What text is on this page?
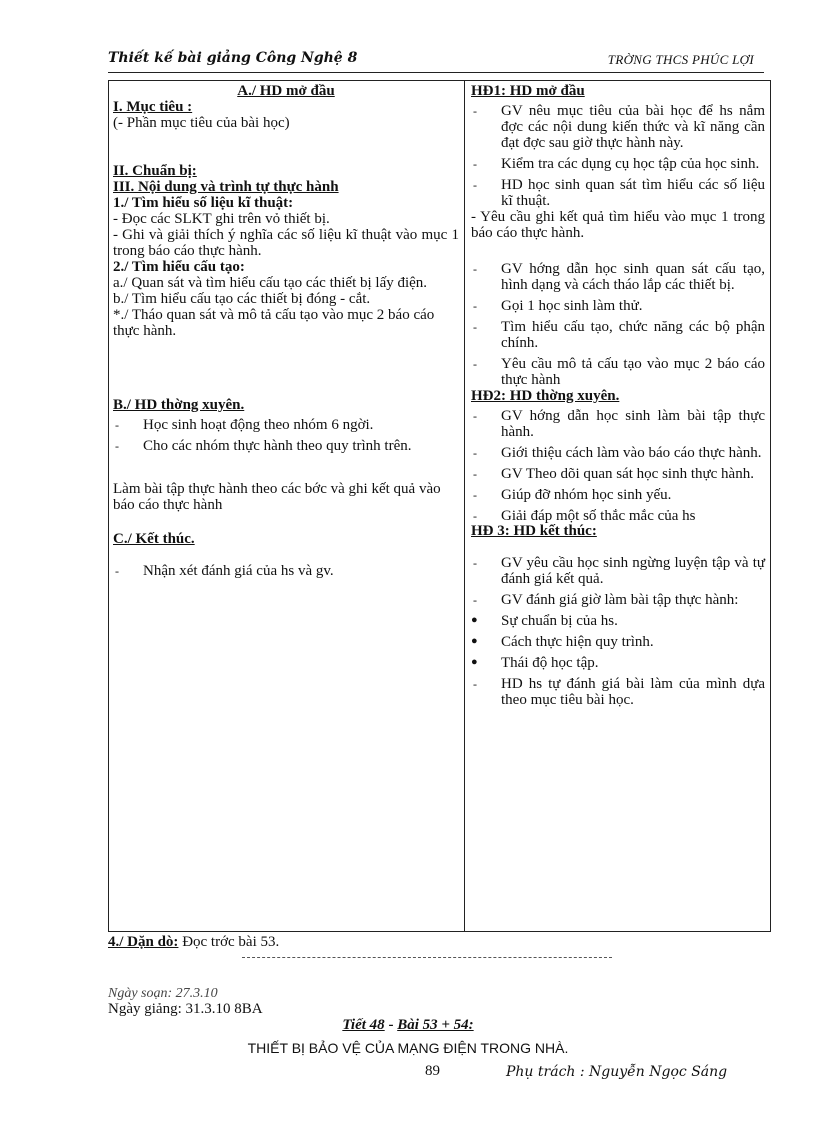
Thiết kế bài giảng Công Nghệ 8	TRỜNG THCS PHÚC LỢI

A./ HD mở đầu

I. Mục tiêu :

(- Phần mục tiêu của bài học)

II. Chuẩn bị:

III. Nội dung và trình tự thực hành

1./ Tìm hiểu số liệu kĩ thuật:

- Đọc các SLKT ghi trên vỏ thiết bị.

- Ghi và giải thích ý nghĩa các số liệu kĩ thuật vào mục 1 trong báo cáo thực hành.

2./ Tìm hiểu cấu tạo:

a./ Quan sát và tìm hiểu cấu tạo các thiết bị lấy điện.

b./ Tìm hiểu cấu tạo các thiết bị đóng - cắt.

*./ Tháo quan sát và mô tả cấu tạo vào mục 2 báo cáo thực hành.

B./ HD thờng xuyên.

- Học sinh hoạt động theo nhóm 6 ngời.
- Cho các nhóm thực hành theo quy trình trên.

Làm bài tập thực hành theo các bớc và ghi kết quả vào báo cáo thực hành

C./ Kết thúc.

- Nhận xét đánh giá của hs và gv.

HĐ1: HD mở đầu

- GV nêu mục tiêu của bài học để hs nắm đợc các nội dung kiến thức và kĩ năng cần đạt đợc sau giờ thực hành này.
- Kiểm tra các dụng cụ học tập của học sinh.
- HD học sinh quan sát tìm hiểu các số liệu kĩ thuật.

- Yêu cầu ghi kết quả tìm hiểu vào mục 1 trong báo cáo thực hành.

- GV hớng dẫn học sinh quan sát cấu tạo, hình dạng và cách tháo lắp các thiết bị.
- Gọi 1 học sinh làm thử.
- Tìm hiểu cấu tạo, chức năng các bộ phận chính.
- Yêu cầu mô tả cấu tạo vào mục 2 báo cáo thực hành

HĐ2: HD thờng xuyên.

- GV hớng dẫn học sinh làm bài tập thực hành.
- Giới thiệu cách làm vào báo cáo thực hành.
- GV Theo dõi quan sát học sinh thực hành.
- Giúp đỡ nhóm học sinh yếu.
- Giải đáp một số thắc mắc của hs

HĐ 3: HD kết thúc:

- GV yêu cầu học sinh ngừng luyện tập và tự đánh giá kết quả.
- GV đánh giá giờ làm bài tập thực hành:
● Sự chuẩn bị của hs.
● Cách thực hiện quy trình.
● Thái độ học tập.
- HD hs tự đánh giá bài làm của mình dựa theo mục tiêu bài học.
4./ Dặn dò: Đọc trớc bài 53.
Ngày soạn: 27.3.10
Ngày giảng: 31.3.10 8BA
Tiết 48 - Bài 53 + 54:
THIẾT BỊ BẢO VỆ CỦA MẠNG ĐIỆN TRONG NHÀ.
89	Phụ trách : Nguyễn Ngọc Sáng
